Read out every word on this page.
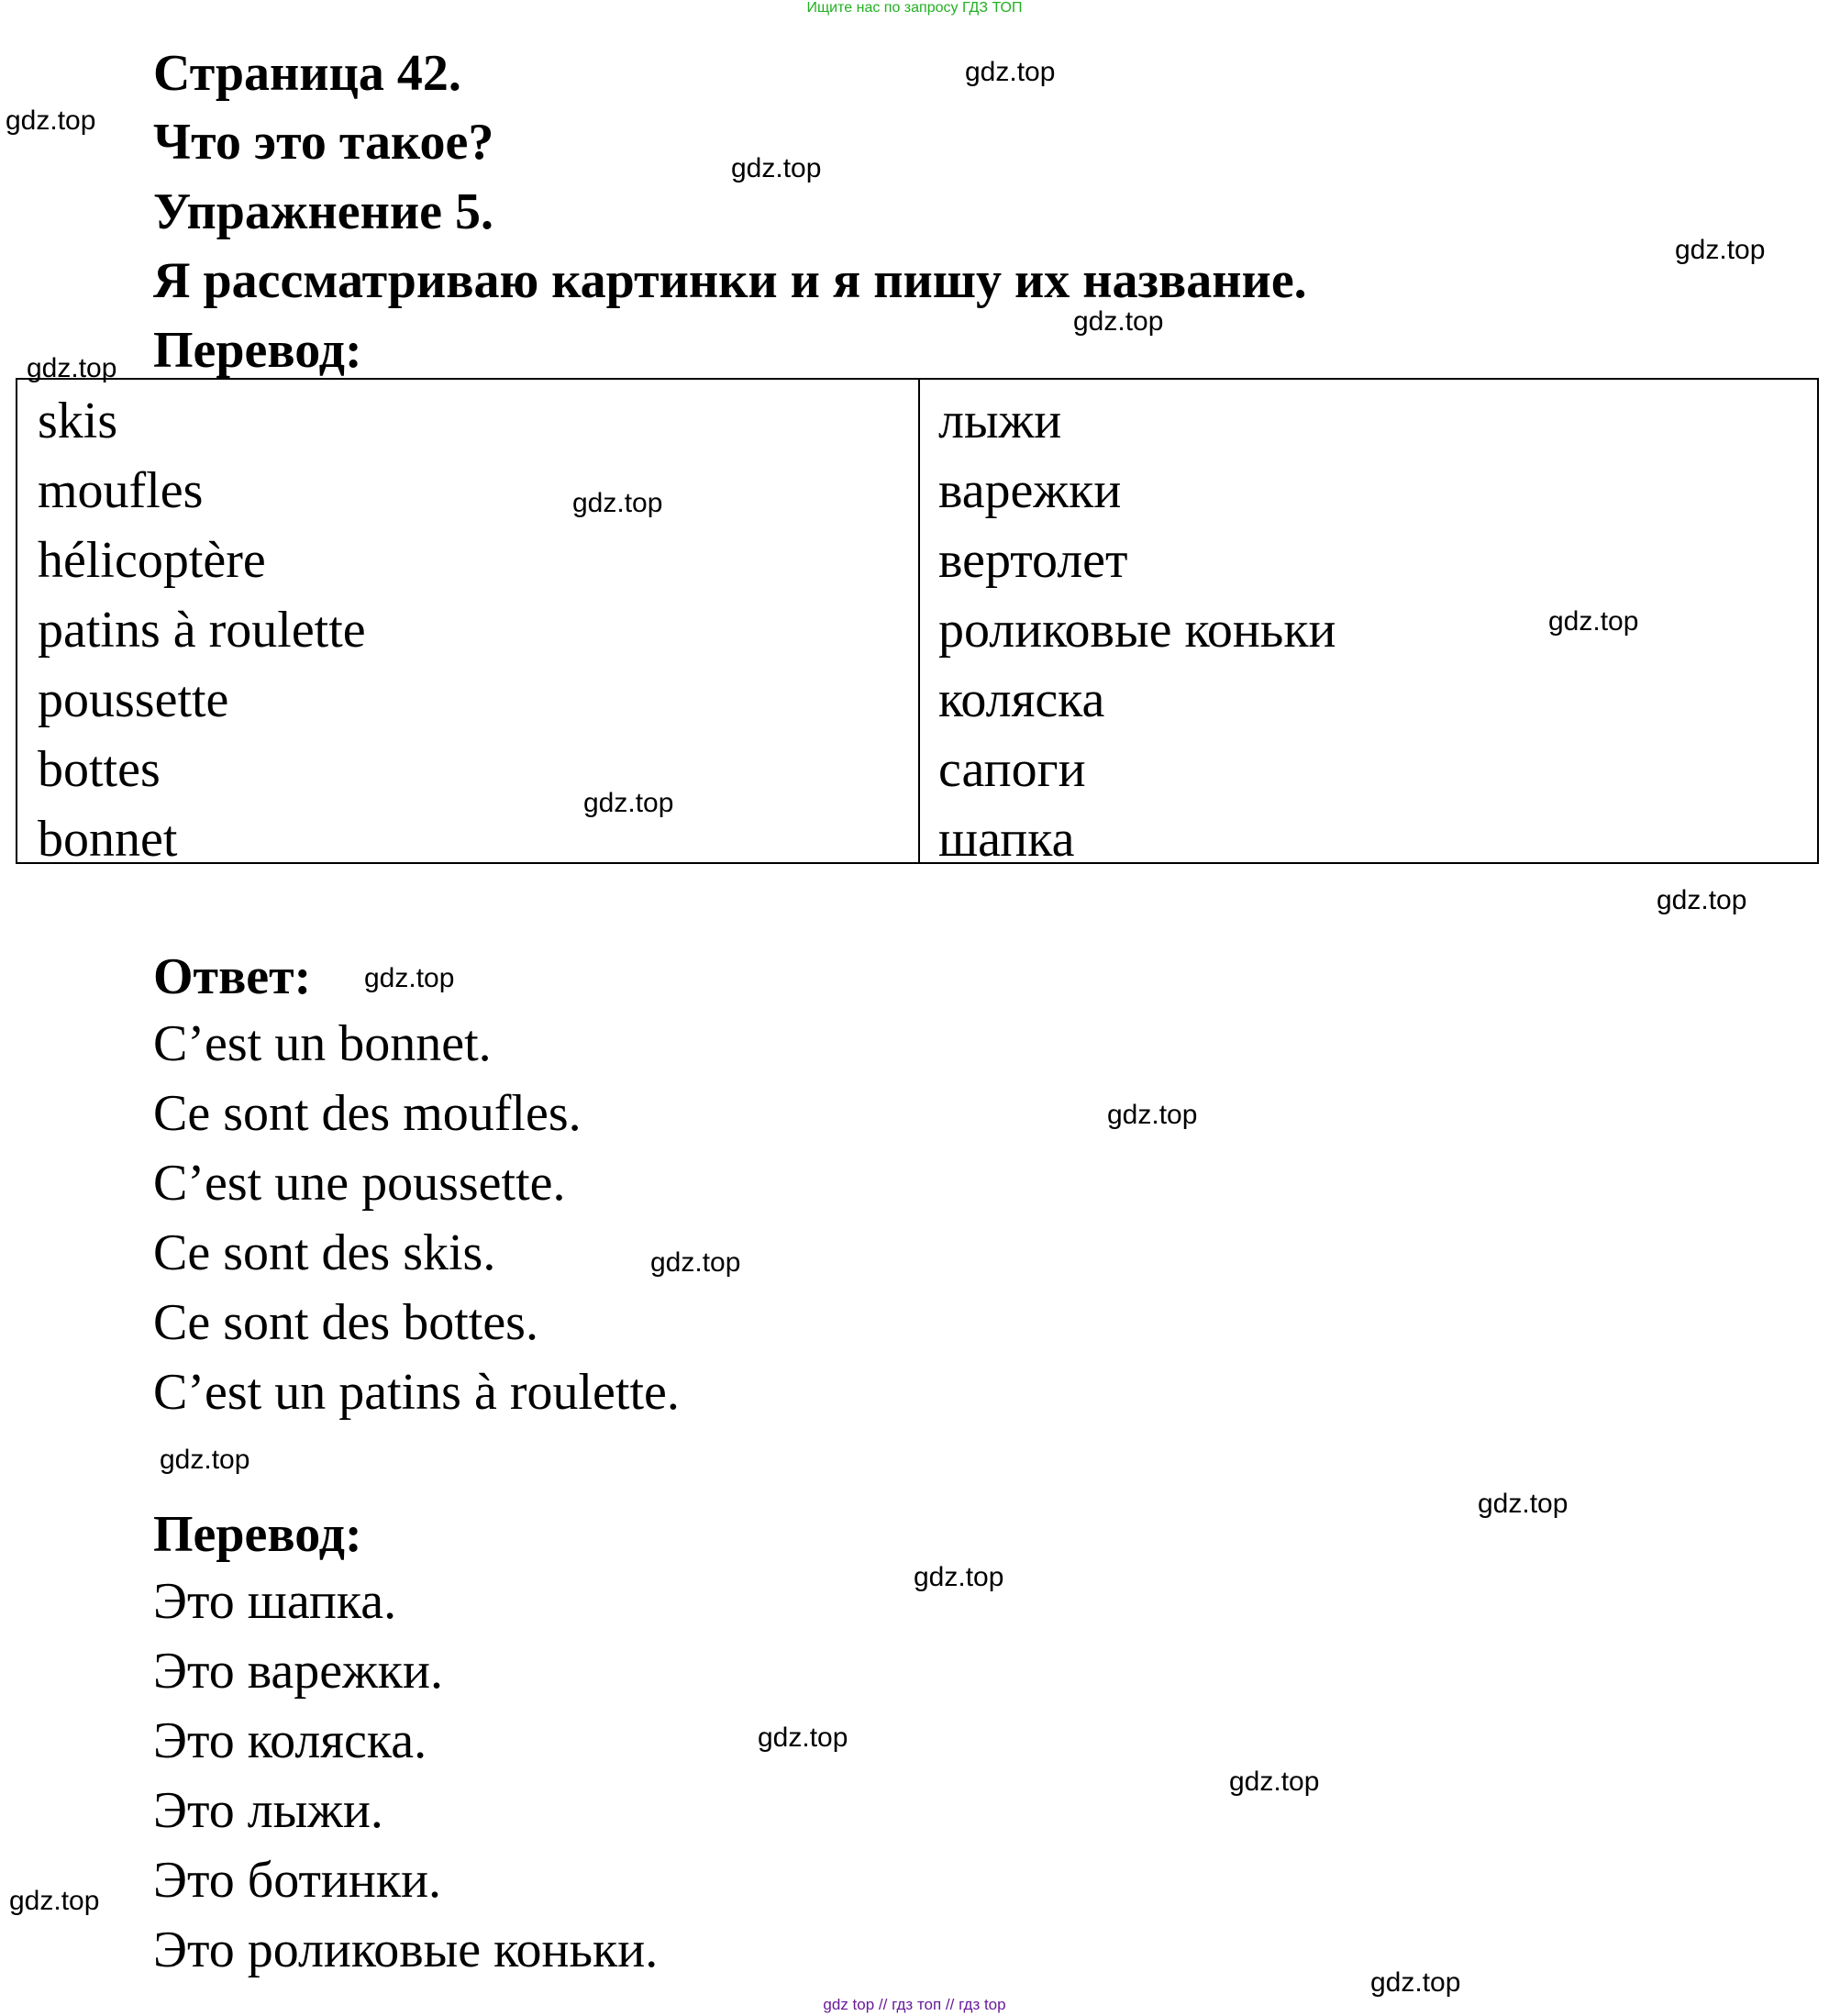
Ищите нас по запросу ГДЗ ТОП
Страница 42.
Что это такое?
Упражнение 5.
Я рассматриваю картинки и я пишу их название.
Перевод:
skis
moufles
hélicoptère
patins à roulette
poussette
bottes
bonnet
лыжи
варежки
вертолет
роликовые коньки
коляска
сапоги
шапка
Ответ:
C’est un bonnet.
Ce sont des moufles.
C’est une poussette.
Ce sont des skis.
Ce sont des bottes.
C’est un patins à roulette.
Перевод:
Это шапка.
Это варежки.
Это коляска.
Это лыжи.
Это ботинки.
Это роликовые коньки.
gdz.top
gdz.top
gdz.top
gdz.top
gdz.top
gdz.top
gdz.top
gdz.top
gdz.top
gdz.top
gdz.top
gdz.top
gdz.top
gdz.top
gdz.top
gdz.top
gdz.top
gdz.top
gdz.top
gdz.top
gdz top // гдз топ // гдз top
